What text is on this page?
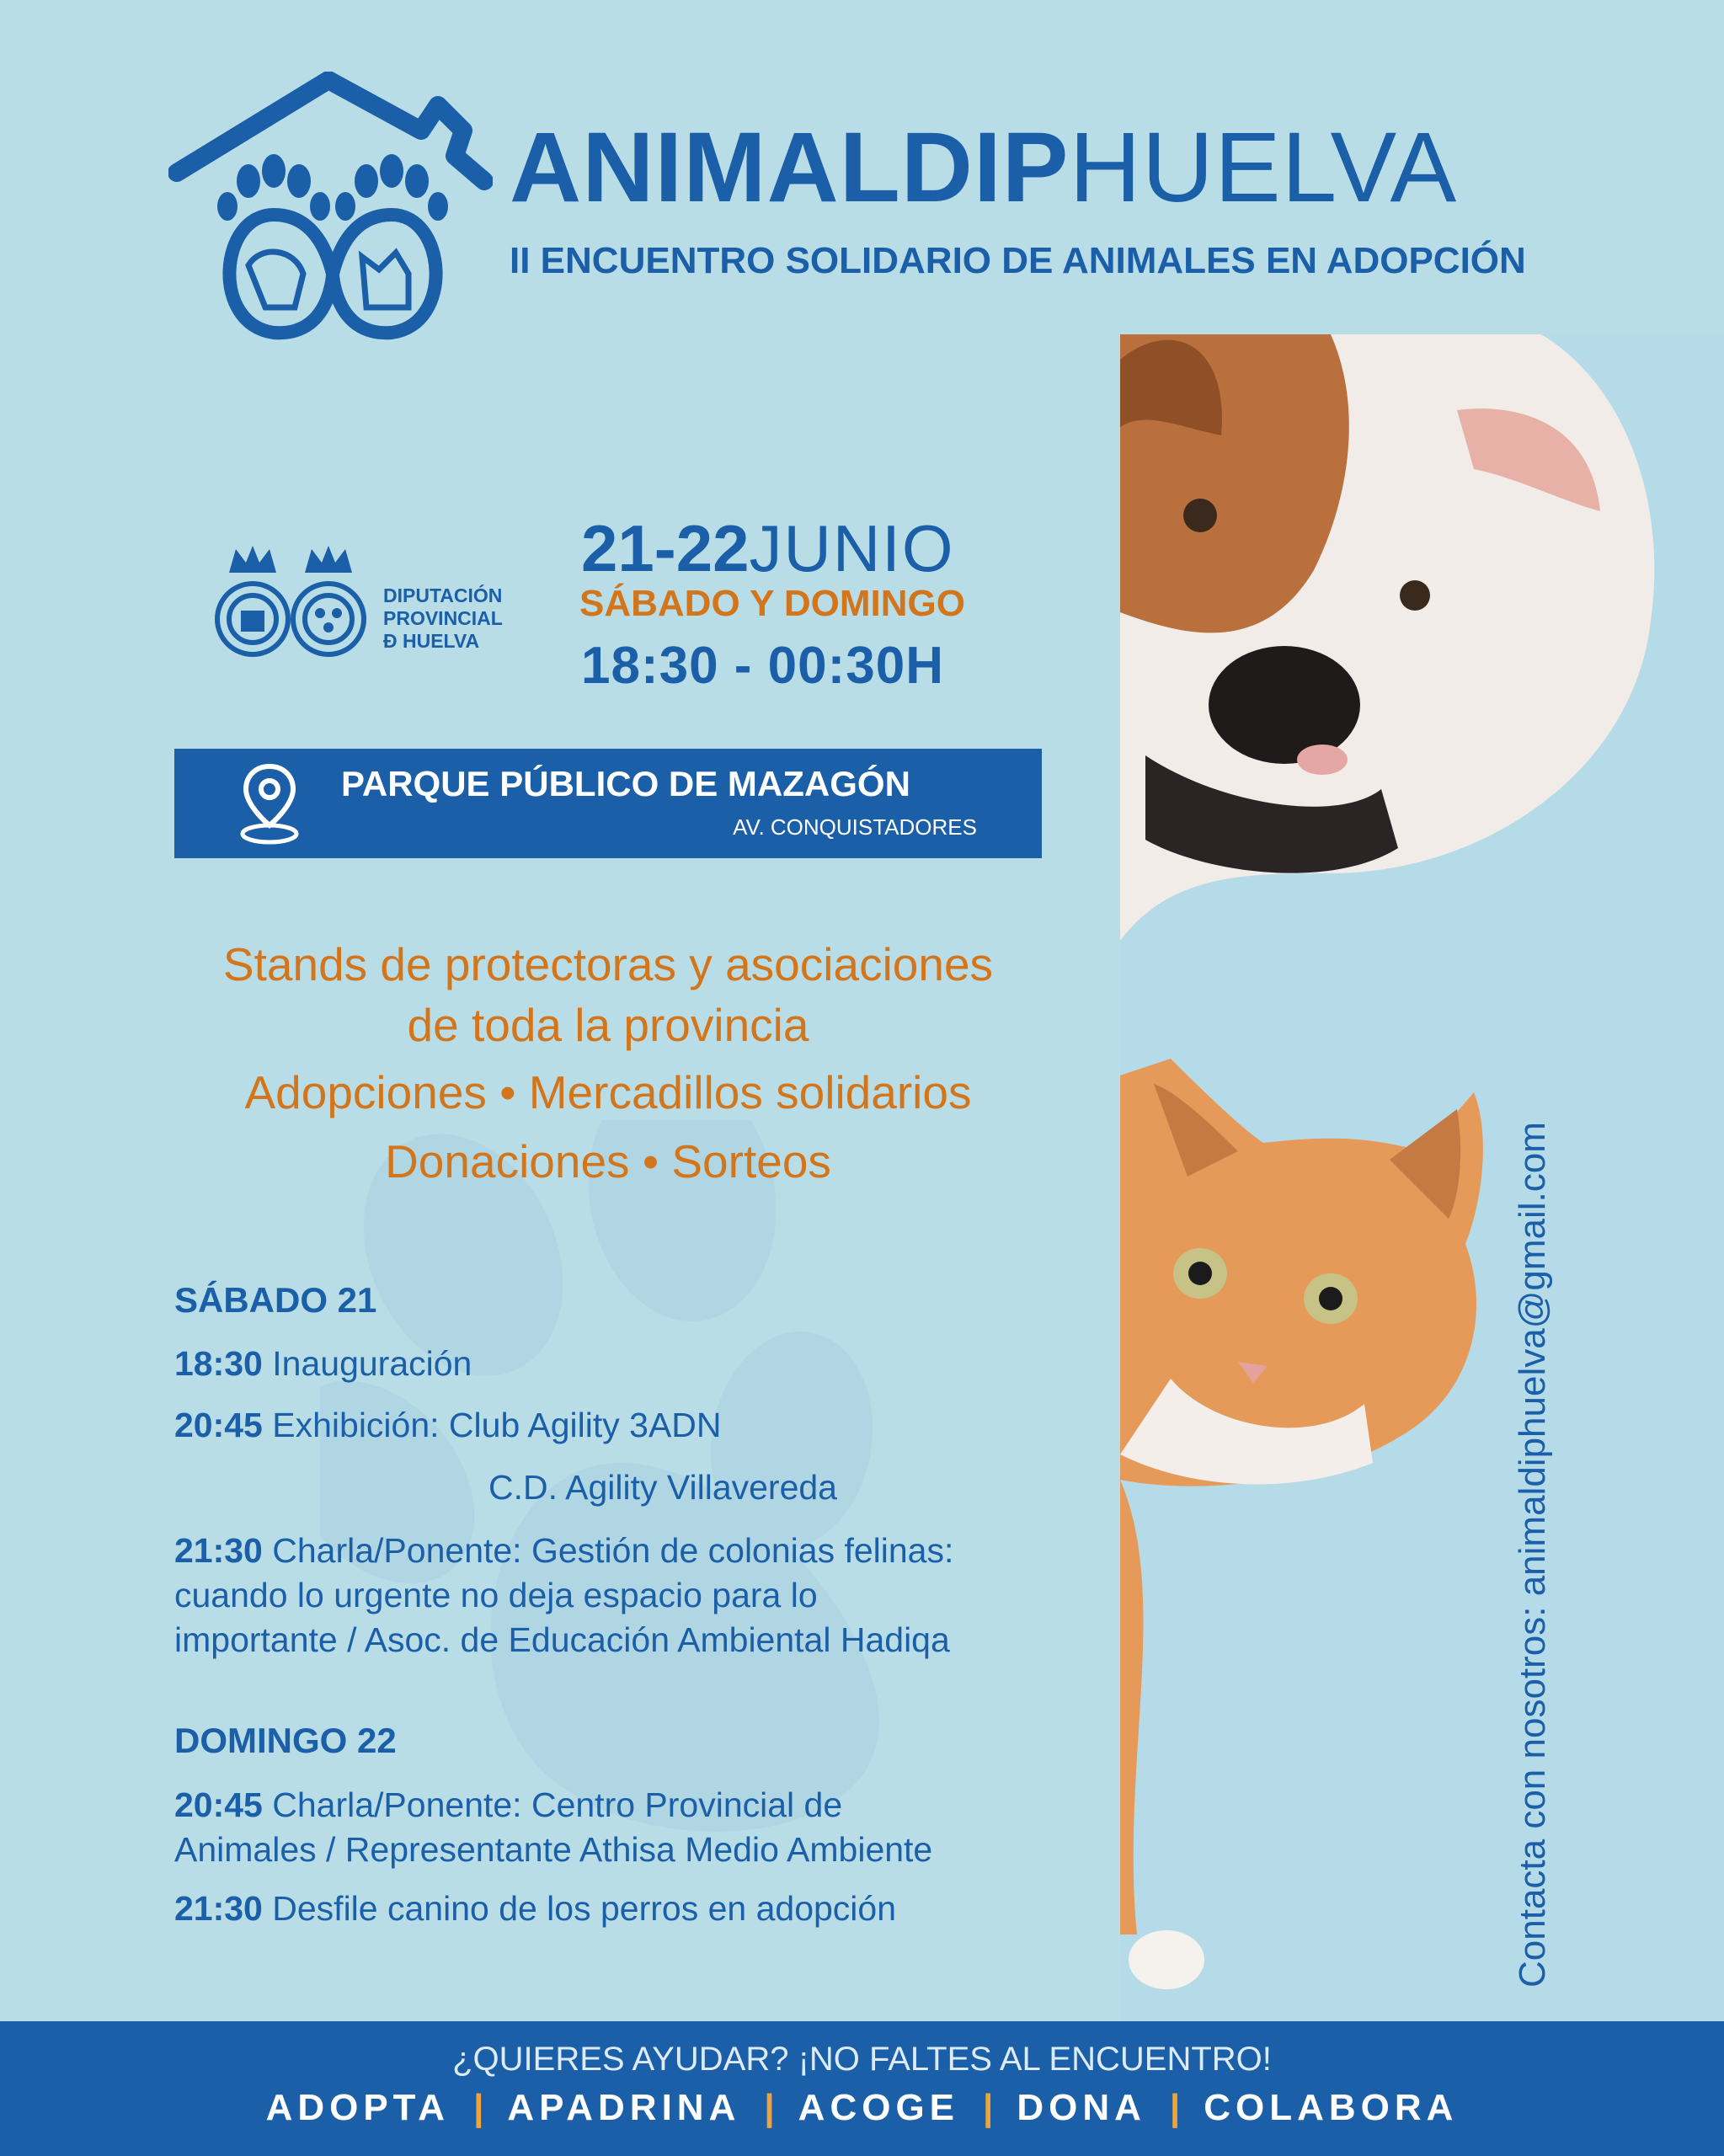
ANIMALDIPHUELVA
II ENCUENTRO SOLIDARIO DE ANIMALES EN ADOPCIÓN
DIPUTACIÓN
PROVINCIAL
Ð HUELVA
21-22JUNIO
SÁBADO Y DOMINGO
18:30 - 00:30H
PARQUE PÚBLICO DE MAZAGÓN
AV. CONQUISTADORES
Stands de protectoras y asociaciones
de toda la provincia
Adopciones • Mercadillos solidarios
Donaciones • Sorteos
SÁBADO 21
18:30 Inauguración
20:45 Exhibición: Club Agility 3ADN
C.D. Agility Villavereda
21:30 Charla/Ponente: Gestión de colonias felinas:
cuando lo urgente no deja espacio para lo
importante / Asoc. de Educación Ambiental Hadiqa
DOMINGO 22
20:45 Charla/Ponente: Centro Provincial de
Animales / Representante Athisa Medio Ambiente
21:30 Desfile canino de los perros en adopción	Contacta con nosotros: animaldiphuelva@gmail.com
¿QUIERES AYUDAR? ¡NO FALTES AL ENCUENTRO!
ADOPTA | APADRINA | ACOGE | DONA | COLABORA
